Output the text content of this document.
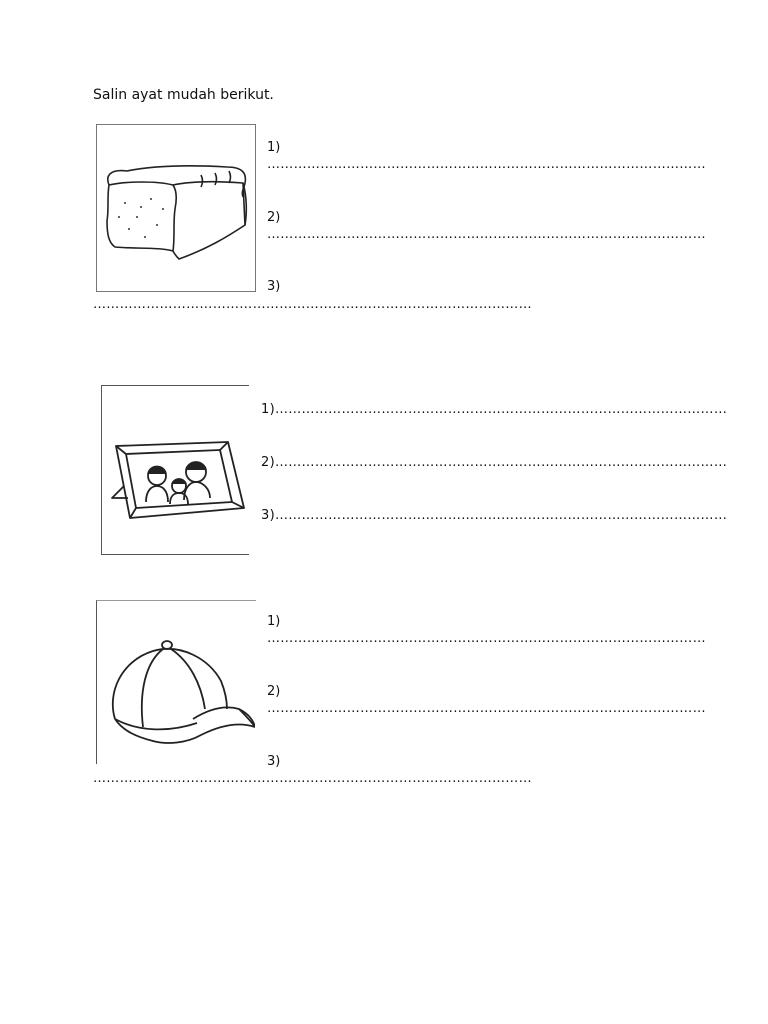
Salin ayat mudah berikut.
1)
………………………………………………………………………………………
2)
………………………………………………………………………………………
3)
………………………………………………………………………………………
1)…………………………………………………………………………………………
2)…………………………………………………………………………………………
3)…………………………………………………………………………………………
1)
………………………………………………………………………………………
2)
………………………………………………………………………………………
3)
………………………………………………………………………………………
